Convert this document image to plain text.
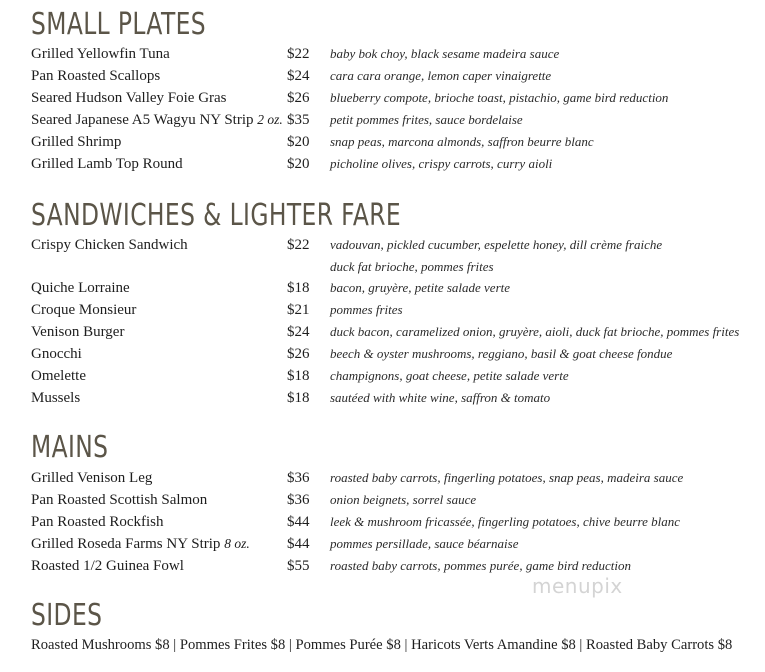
SMALL PLATES
Grilled Yellowfin Tuna	$22 baby bok choy, black sesame madeira sauce
Pan Roasted Scallops	$24 cara cara orange, lemon caper vinaigrette
Seared Hudson Valley Foie Gras	$26 blueberry compote, brioche toast, pistachio, game bird reduction
Seared Japanese A5 Wagyu NY Strip 2 oz. $35 petit pommes frites, sauce bordelaise
Grilled Shrimp	$20 snap peas, marcona almonds, saffron beurre blanc
Grilled Lamb Top Round	$20 picholine olives, crispy carrots, curry aioli
SANDWICHES & LIGHTER FARE
Crispy Chicken Sandwich	$22 vadouvan, pickled cucumber, espelette honey, dill crème fraiche
duck fat brioche, pommes frites
Quiche Lorraine	$18 bacon, gruyère, petite salade verte
Croque Monsieur	$21 pommes frites
Venison Burger	$24 duck bacon, caramelized onion, gruyère, aioli, duck fat brioche, pommes frites
Gnocchi	$26 beech & oyster mushrooms, reggiano, basil & goat cheese fondue
Omelette	$18 champignons, goat cheese, petite salade verte
Mussels	$18 sautéed with white wine, saffron & tomato
MAINS
Grilled Venison Leg	$36 roasted baby carrots, fingerling potatoes, snap peas, madeira sauce
Pan Roasted Scottish Salmon	$36 onion beignets, sorrel sauce
Pan Roasted Rockfish	$44 leek & mushroom fricassée, fingerling potatoes, chive beurre blanc
Grilled Roseda Farms NY Strip 8 oz. $44 pommes persillade, sauce béarnaise
Roasted 1/2 Guinea Fowl	$55 roasted baby carrots, pommes purée, game bird reduction
menupix
SIDES
Roasted Mushrooms $8 | Pommes Frites $8 | Pommes Purée $8 | Haricots Verts Amandine $8 | Roasted Baby Carrots $8
